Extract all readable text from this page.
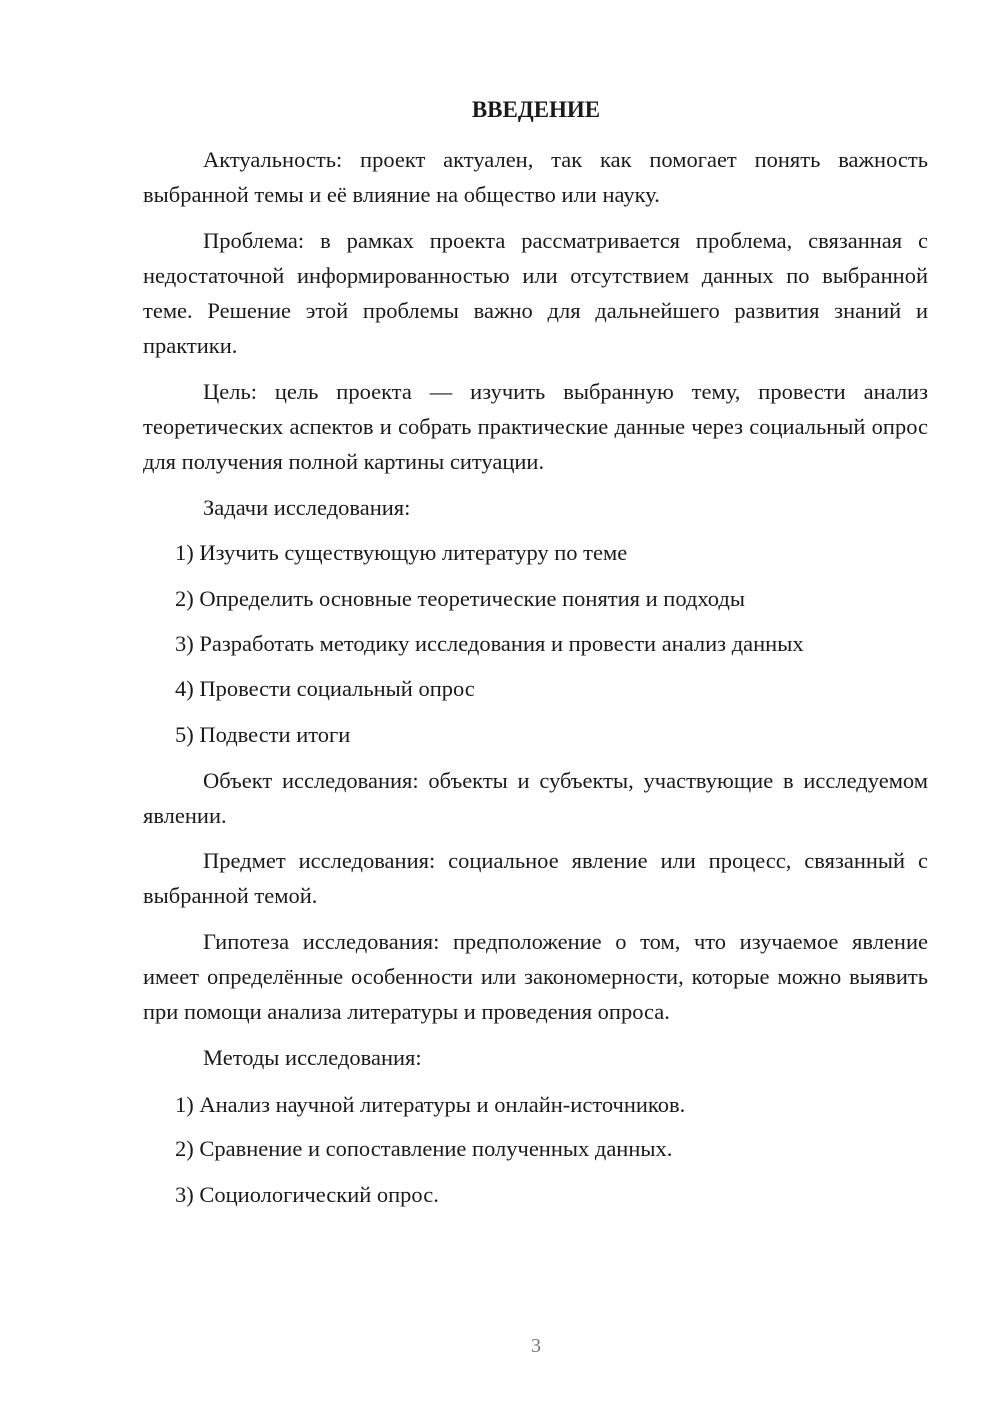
ВВЕДЕНИЕ

Актуальность: проект актуален, так как помогает понять важность выбранной темы и её влияние на общество или науку.

Проблема: в рамках проекта рассматривается проблема, связанная с недостаточной информированностью или отсутствием данных по выбранной теме. Решение этой проблемы важно для дальнейшего развития знаний и практики.

Цель: цель проекта — изучить выбранную тему, провести анализ теоретических аспектов и собрать практические данные через социальный опрос для получения полной картины ситуации.

Задачи исследования:

1) Изучить существующую литературу по теме

2) Определить основные теоретические понятия и подходы

3) Разработать методику исследования и провести анализ данных

4) Провести социальный опрос

5) Подвести итоги

Объект исследования: объекты и субъекты, участвующие в исследуемом явлении.

Предмет исследования: социальное явление или процесс, связанный с выбранной темой.

Гипотеза исследования: предположение о том, что изучаемое явление имеет определённые особенности или закономерности, которые можно выявить при помощи анализа литературы и проведения опроса.

Методы исследования:

1) Анализ научной литературы и онлайн-источников.

2) Сравнение и сопоставление полученных данных.

3) Социологический опрос.

3
